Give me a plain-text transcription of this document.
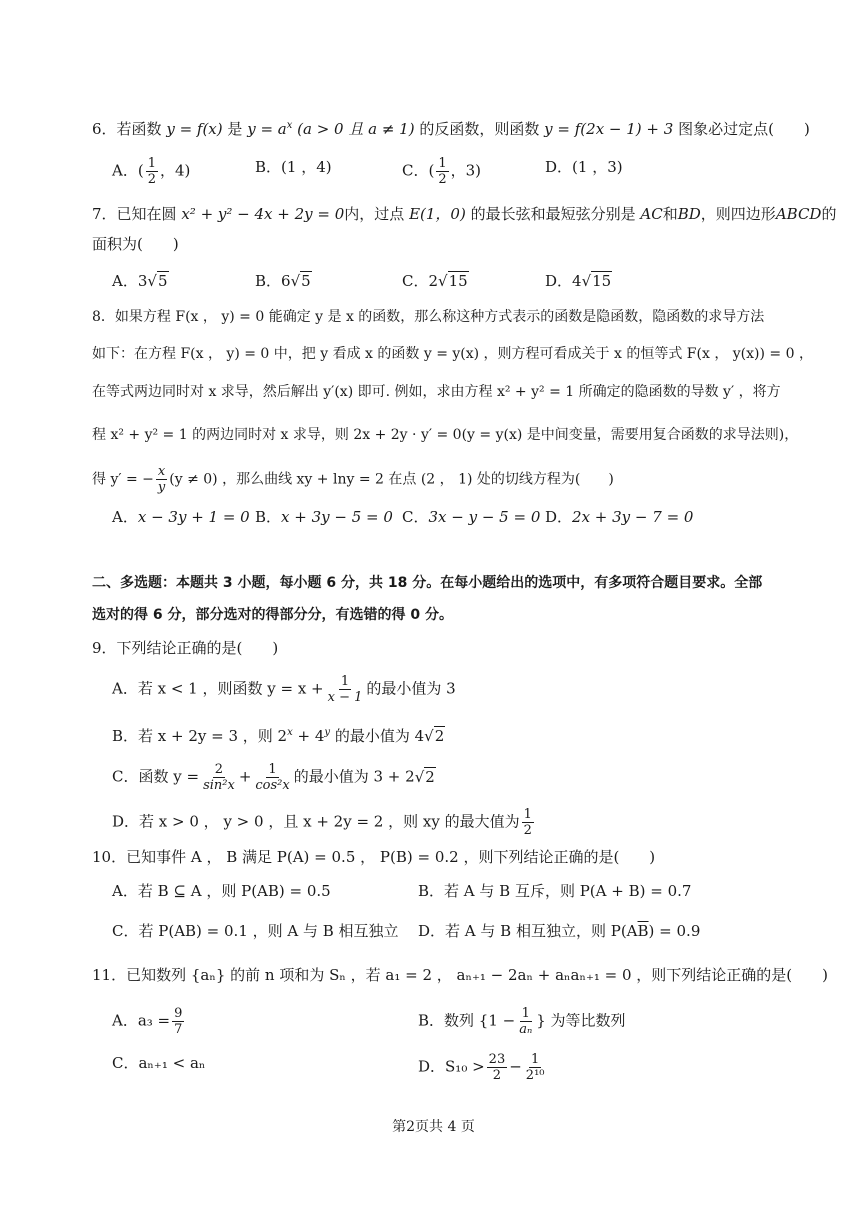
6．若函数 y = f(x) 是 $y = a^x$ (a > 0 且 a ≠ 1) 的反函数，则函数 y = f(2x − 1) + 3 图象必过定点(　　)
A．( $\frac{1}{2}$ ，4)	B．(1 ，4)	C．( $\frac{1}{2}$ ，3)	D．(1 ，3)
7．已知在圆 x² + y² − 4x + 2y = 0内，过点 E(1，0) 的最长弦和最短弦分别是 AC和BD，则四边形ABCD的
面积为(　　)
A．3√5	B．6√5	C．2√15	D．4√15
8．如果方程 F(x ， y) = 0 能确定 y 是 x 的函数，那么称这种方式表示的函数是隐函数，隐函数的求导方法
如下：在方程 F(x ， y) = 0 中，把 y 看成 x 的函数 y = y(x) ，则方程可看成关于 x 的恒等式 F(x ， y(x)) = 0 ，
在等式两边同时对 x 求导，然后解出 y′(x) 即可. 例如，求由方程 x² + y² = 1 所确定的隐函数的导数 y′ ，将方
程 x² + y² = 1 的两边同时对 x 求导，则 2x + 2y · y′ = 0(y = y(x) 是中间变量，需要用复合函数的求导法则)，
得 y′ = − $\frac{x}{y} (y \ne 0)$ ，那么曲线 xy + lny = 2 在点 (2 ， 1) 处的切线方程为(　　)
A．x − 3y + 1 = 0 B．x + 3y − 5 = 0 C．3x − y − 5 = 0 D．2x + 3y − 7 = 0
二、多选题：本题共 3 小题，每小题 6 分，共 18 分。在每小题给出的选项中，有多项符合题目要求。全部
选对的得 6 分，部分选对的得部分分，有选错的得 0 分。
9．下列结论正确的是(　　)
A．若 x < 1 ，则函数 $y = x + \frac{1}{x - 1}$ 的最小值为 3
B．若 x + 2y = 3 ，则 $2^x + 4^y$ 的最小值为 4√2
C．函数 $y = \frac{2}{\text{sin²x}} + \frac{1}{\text{cos²x}}$ 的最小值为 3 + 2√2
D．若 x > 0 ， y > 0 ，且 x + 2y = 2 ，则 xy 的最大值为 $\frac{1}{2}$
10．已知事件 A ， B 满足 P(A) = 0.5 ， P(B) = 0.2 ，则下列结论正确的是(　　)
A．若 B ⊆ A ，则 P(AB) = 0.5	B．若 A 与 B 互斥，则 P(A + B) = 0.7
C．若 P(AB) = 0.1 ，则 A 与 B 相互独立 D．若 A 与 B 相互独立，则 $P(A\overline{B}) = 0.9$
11．已知数列 {aₙ} 的前 n 项和为 Sₙ ，若 a₁ = 2 ， aₙ₊₁ − 2aₙ + aₙaₙ₊₁ = 0 ，则下列结论正确的是(　　)
A．$a_3 = \frac{9}{7}$	B．数列 {$1 - \frac{1}{\text{aₙ}}$ } 为等比数列
C．aₙ₊₁ < aₙ	D．$S_{10} > \frac{23}{2} - \frac{1}{\text{2¹⁰}}$
第2页共 4 页
